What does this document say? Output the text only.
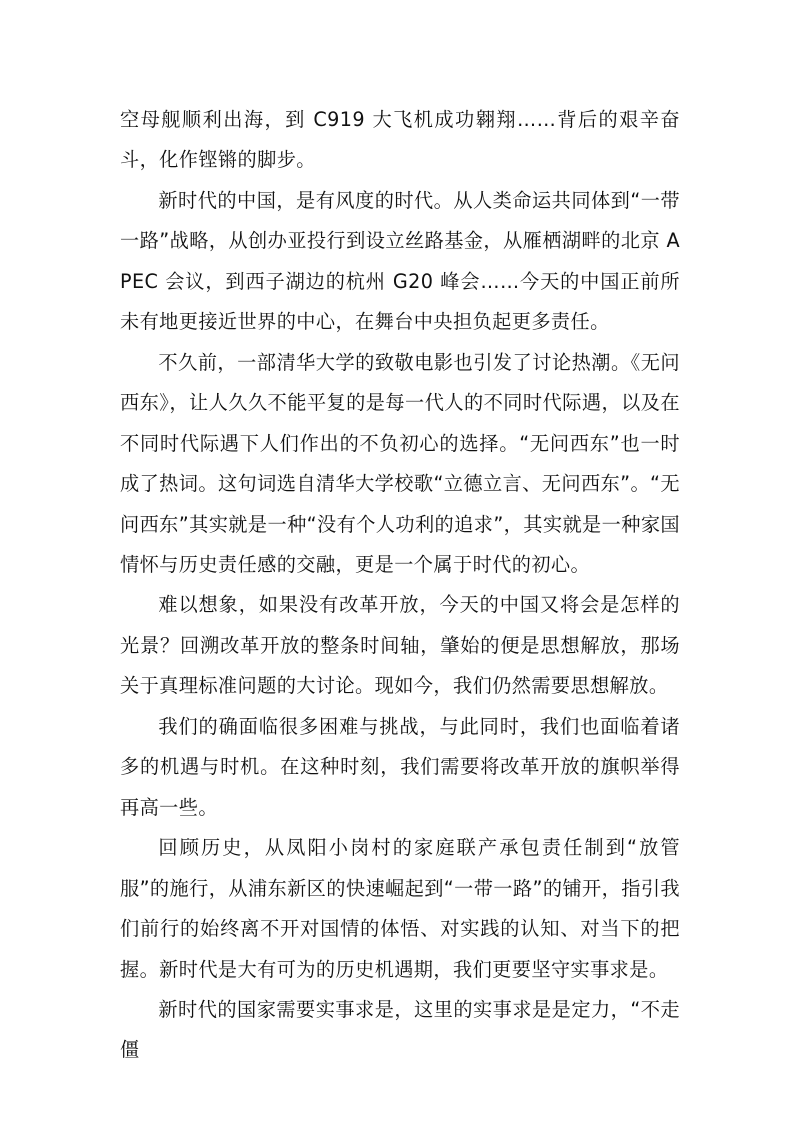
空母舰顺利出海，到 C919 大飞机成功翱翔……背后的艰辛奋斗，化作铿锵的脚步。

新时代的中国，是有风度的时代。从人类命运共同体到“一带一路”战略，从创办亚投行到设立丝路基金，从雁栖湖畔的北京 APEC 会议，到西子湖边的杭州 G20 峰会……今天的中国正前所未有地更接近世界的中心，在舞台中央担负起更多责任。

不久前，一部清华大学的致敬电影也引发了讨论热潮。《无问西东》，让人久久不能平复的是每一代人的不同时代际遇，以及在不同时代际遇下人们作出的不负初心的选择。“无问西东”也一时成了热词。这句词选自清华大学校歌“立德立言、无问西东”。“无问西东”其实就是一种“没有个人功利的追求”，其实就是一种家国情怀与历史责任感的交融，更是一个属于时代的初心。

难以想象，如果没有改革开放，今天的中国又将会是怎样的光景？回溯改革开放的整条时间轴，肇始的便是思想解放，那场关于真理标准问题的大讨论。现如今，我们仍然需要思想解放。

我们的确面临很多困难与挑战，与此同时，我们也面临着诸多的机遇与时机。在这种时刻，我们需要将改革开放的旗帜举得再高一些。

回顾历史，从凤阳小岗村的家庭联产承包责任制到“放管服”的施行，从浦东新区的快速崛起到“一带一路”的铺开，指引我们前行的始终离不开对国情的体悟、对实践的认知、对当下的把握。新时代是大有可为的历史机遇期，我们更要坚守实事求是。

新时代的国家需要实事求是，这里的实事求是是定力，“不走僵
